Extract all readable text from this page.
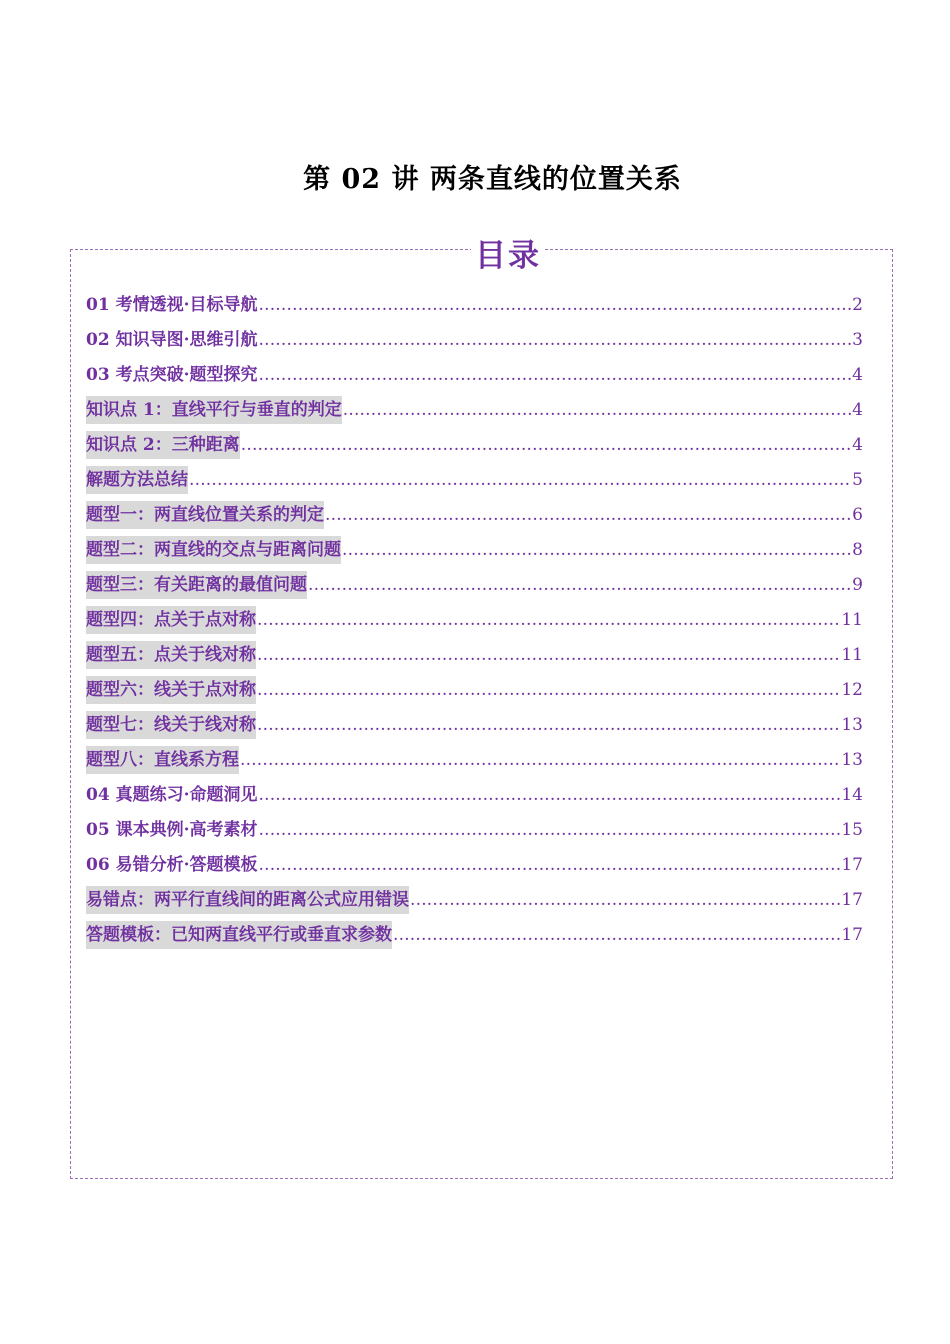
第 02 讲 两条直线的位置关系
目录
01 考情透视·目标导航 .....	2
02 知识导图·思维引航 .....	3
03 考点突破·题型探究 .....	4
知识点 1：直线平行与垂直的判定 .....	4
知识点 2：三种距离 .....	4
解题方法总结 .....	5
题型一：两直线位置关系的判定 .....	6
题型二：两直线的交点与距离问题 .....	8
题型三：有关距离的最值问题 .....	9
题型四：点关于点对称 .....	11
题型五：点关于线对称 .....	11
题型六：线关于点对称 .....	12
题型七：线关于线对称 .....	13
题型八：直线系方程 .....	13
04 真题练习·命题洞见 .....	14
05 课本典例·高考素材 .....	15
06 易错分析·答题模板 .....	17
易错点：两平行直线间的距离公式应用错误 .....	17
答题模板：已知两直线平行或垂直求参数 .....	17
